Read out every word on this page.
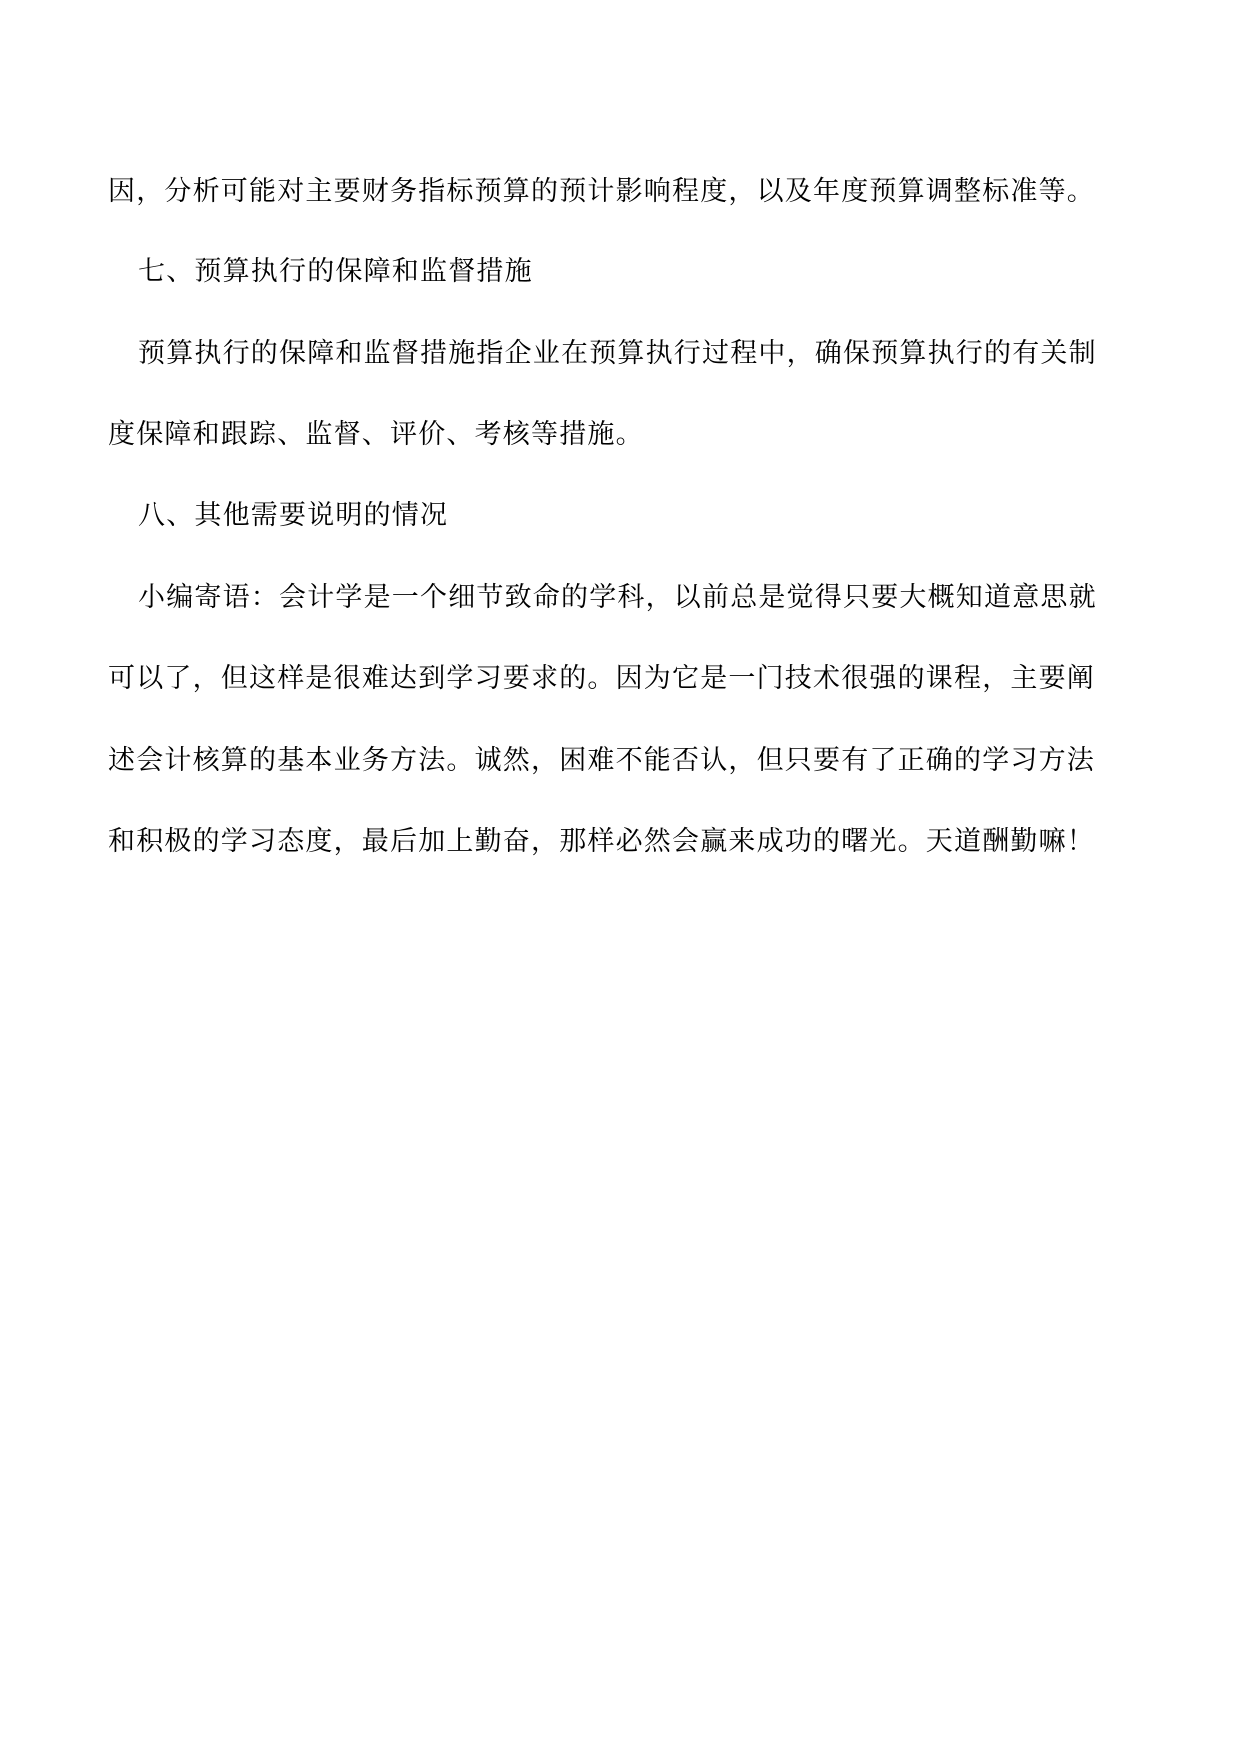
因，分析可能对主要财务指标预算的预计影响程度，以及年度预算调整标准等。
七、预算执行的保障和监督措施
预算执行的保障和监督措施指企业在预算执行过程中，确保预算执行的有关制
度保障和跟踪、监督、评价、考核等措施。
八、其他需要说明的情况
小编寄语：会计学是一个细节致命的学科，以前总是觉得只要大概知道意思就
可以了，但这样是很难达到学习要求的。因为它是一门技术很强的课程，主要阐
述会计核算的基本业务方法。诚然，困难不能否认，但只要有了正确的学习方法
和积极的学习态度，最后加上勤奋，那样必然会赢来成功的曙光。天道酬勤嘛！
